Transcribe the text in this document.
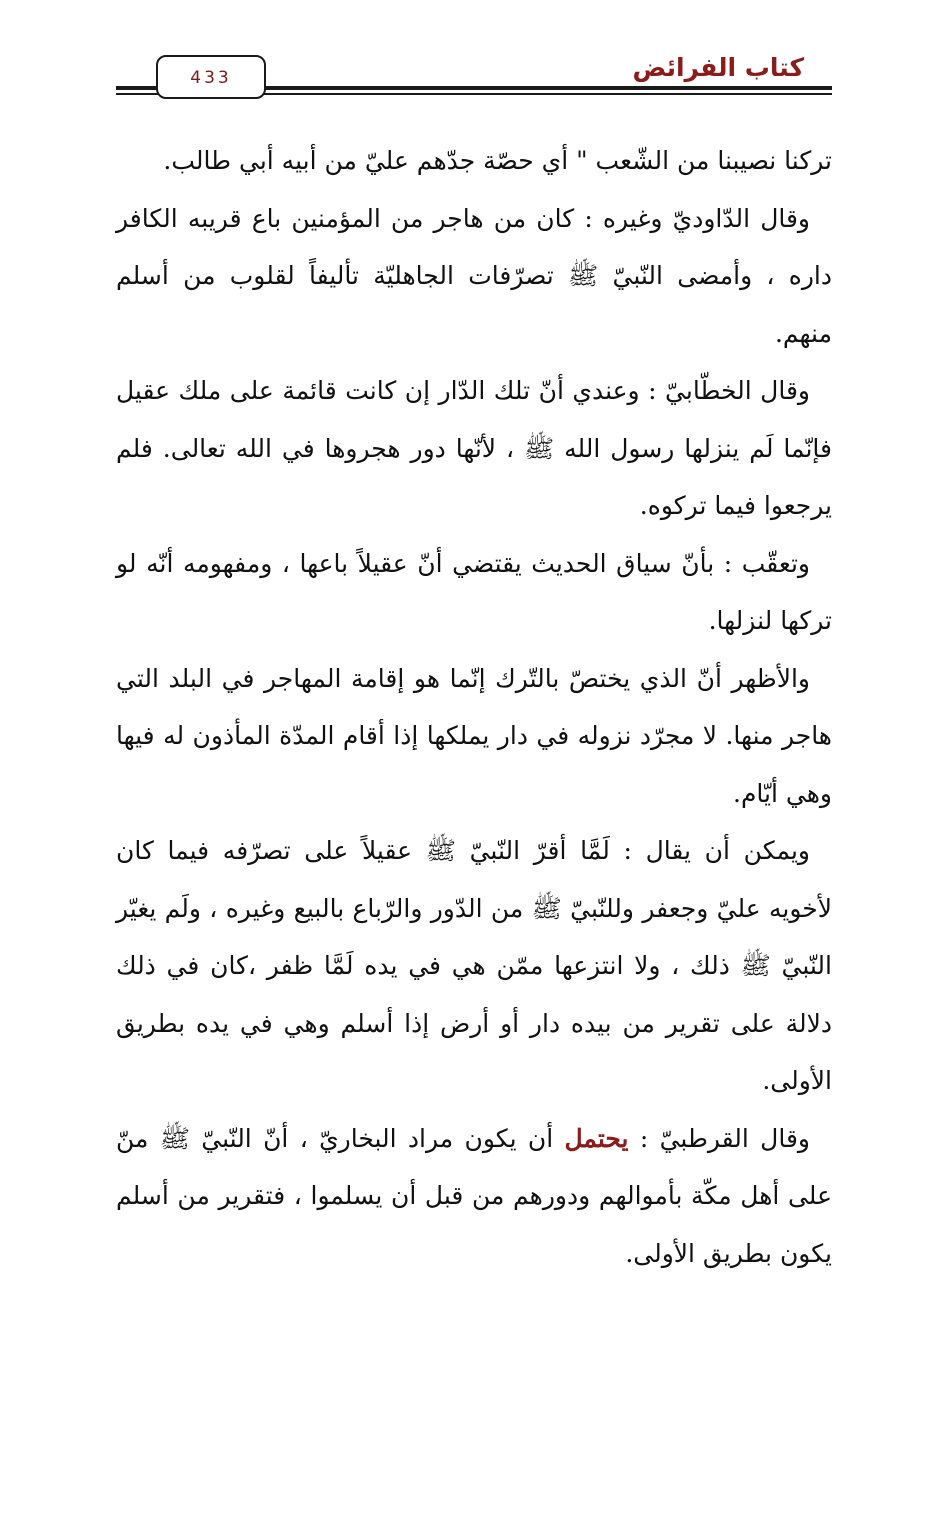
433	كتاب الفرائض

تركنا نصيبنا من الشّعب " أي حصّة جدّهم عليّ من أبيه أبي طالب.

وقال الدّاوديّ وغيره : كان من هاجر من المؤمنين باع قريبه الكافر داره ، وأمضى النّبيّ ﷺ تصرّفات الجاهليّة تأليفاً لقلوب من أسلم منهم.

وقال الخطّابيّ : وعندي أنّ تلك الدّار إن كانت قائمة على ملك عقيل فإنّما لَم ينزلها رسول الله ﷺ ، لأنّها دور هجروها في الله تعالى. فلم يرجعوا فيما تركوه.

وتعقّب : بأنّ سياق الحديث يقتضي أنّ عقيلاً باعها ، ومفهومه أنّه لو تركها لنزلها.

والأظهر أنّ الذي يختصّ بالتّرك إنّما هو إقامة المهاجر في البلد التي هاجر منها. لا مجرّد نزوله في دار يملكها إذا أقام المدّة المأذون له فيها وهي أيّام.

ويمكن أن يقال : لَمَّا أقرّ النّبيّ ﷺ عقيلاً على تصرّفه فيما كان لأخويه عليّ وجعفر وللنّبيّ ﷺ من الدّور والرّباع بالبيع وغيره ، ولَم يغيّر النّبيّ ﷺ ذلك ، ولا انتزعها ممّن هي في يده لَمَّا ظفر ،كان في ذلك دلالة على تقرير من بيده دار أو أرض إذا أسلم وهي في يده بطريق الأولى.

وقال القرطبيّ : يحتمل أن يكون مراد البخاريّ ، أنّ النّبيّ ﷺ منّ على أهل مكّة بأموالهم ودورهم من قبل أن يسلموا ، فتقرير من أسلم يكون بطريق الأولى.
